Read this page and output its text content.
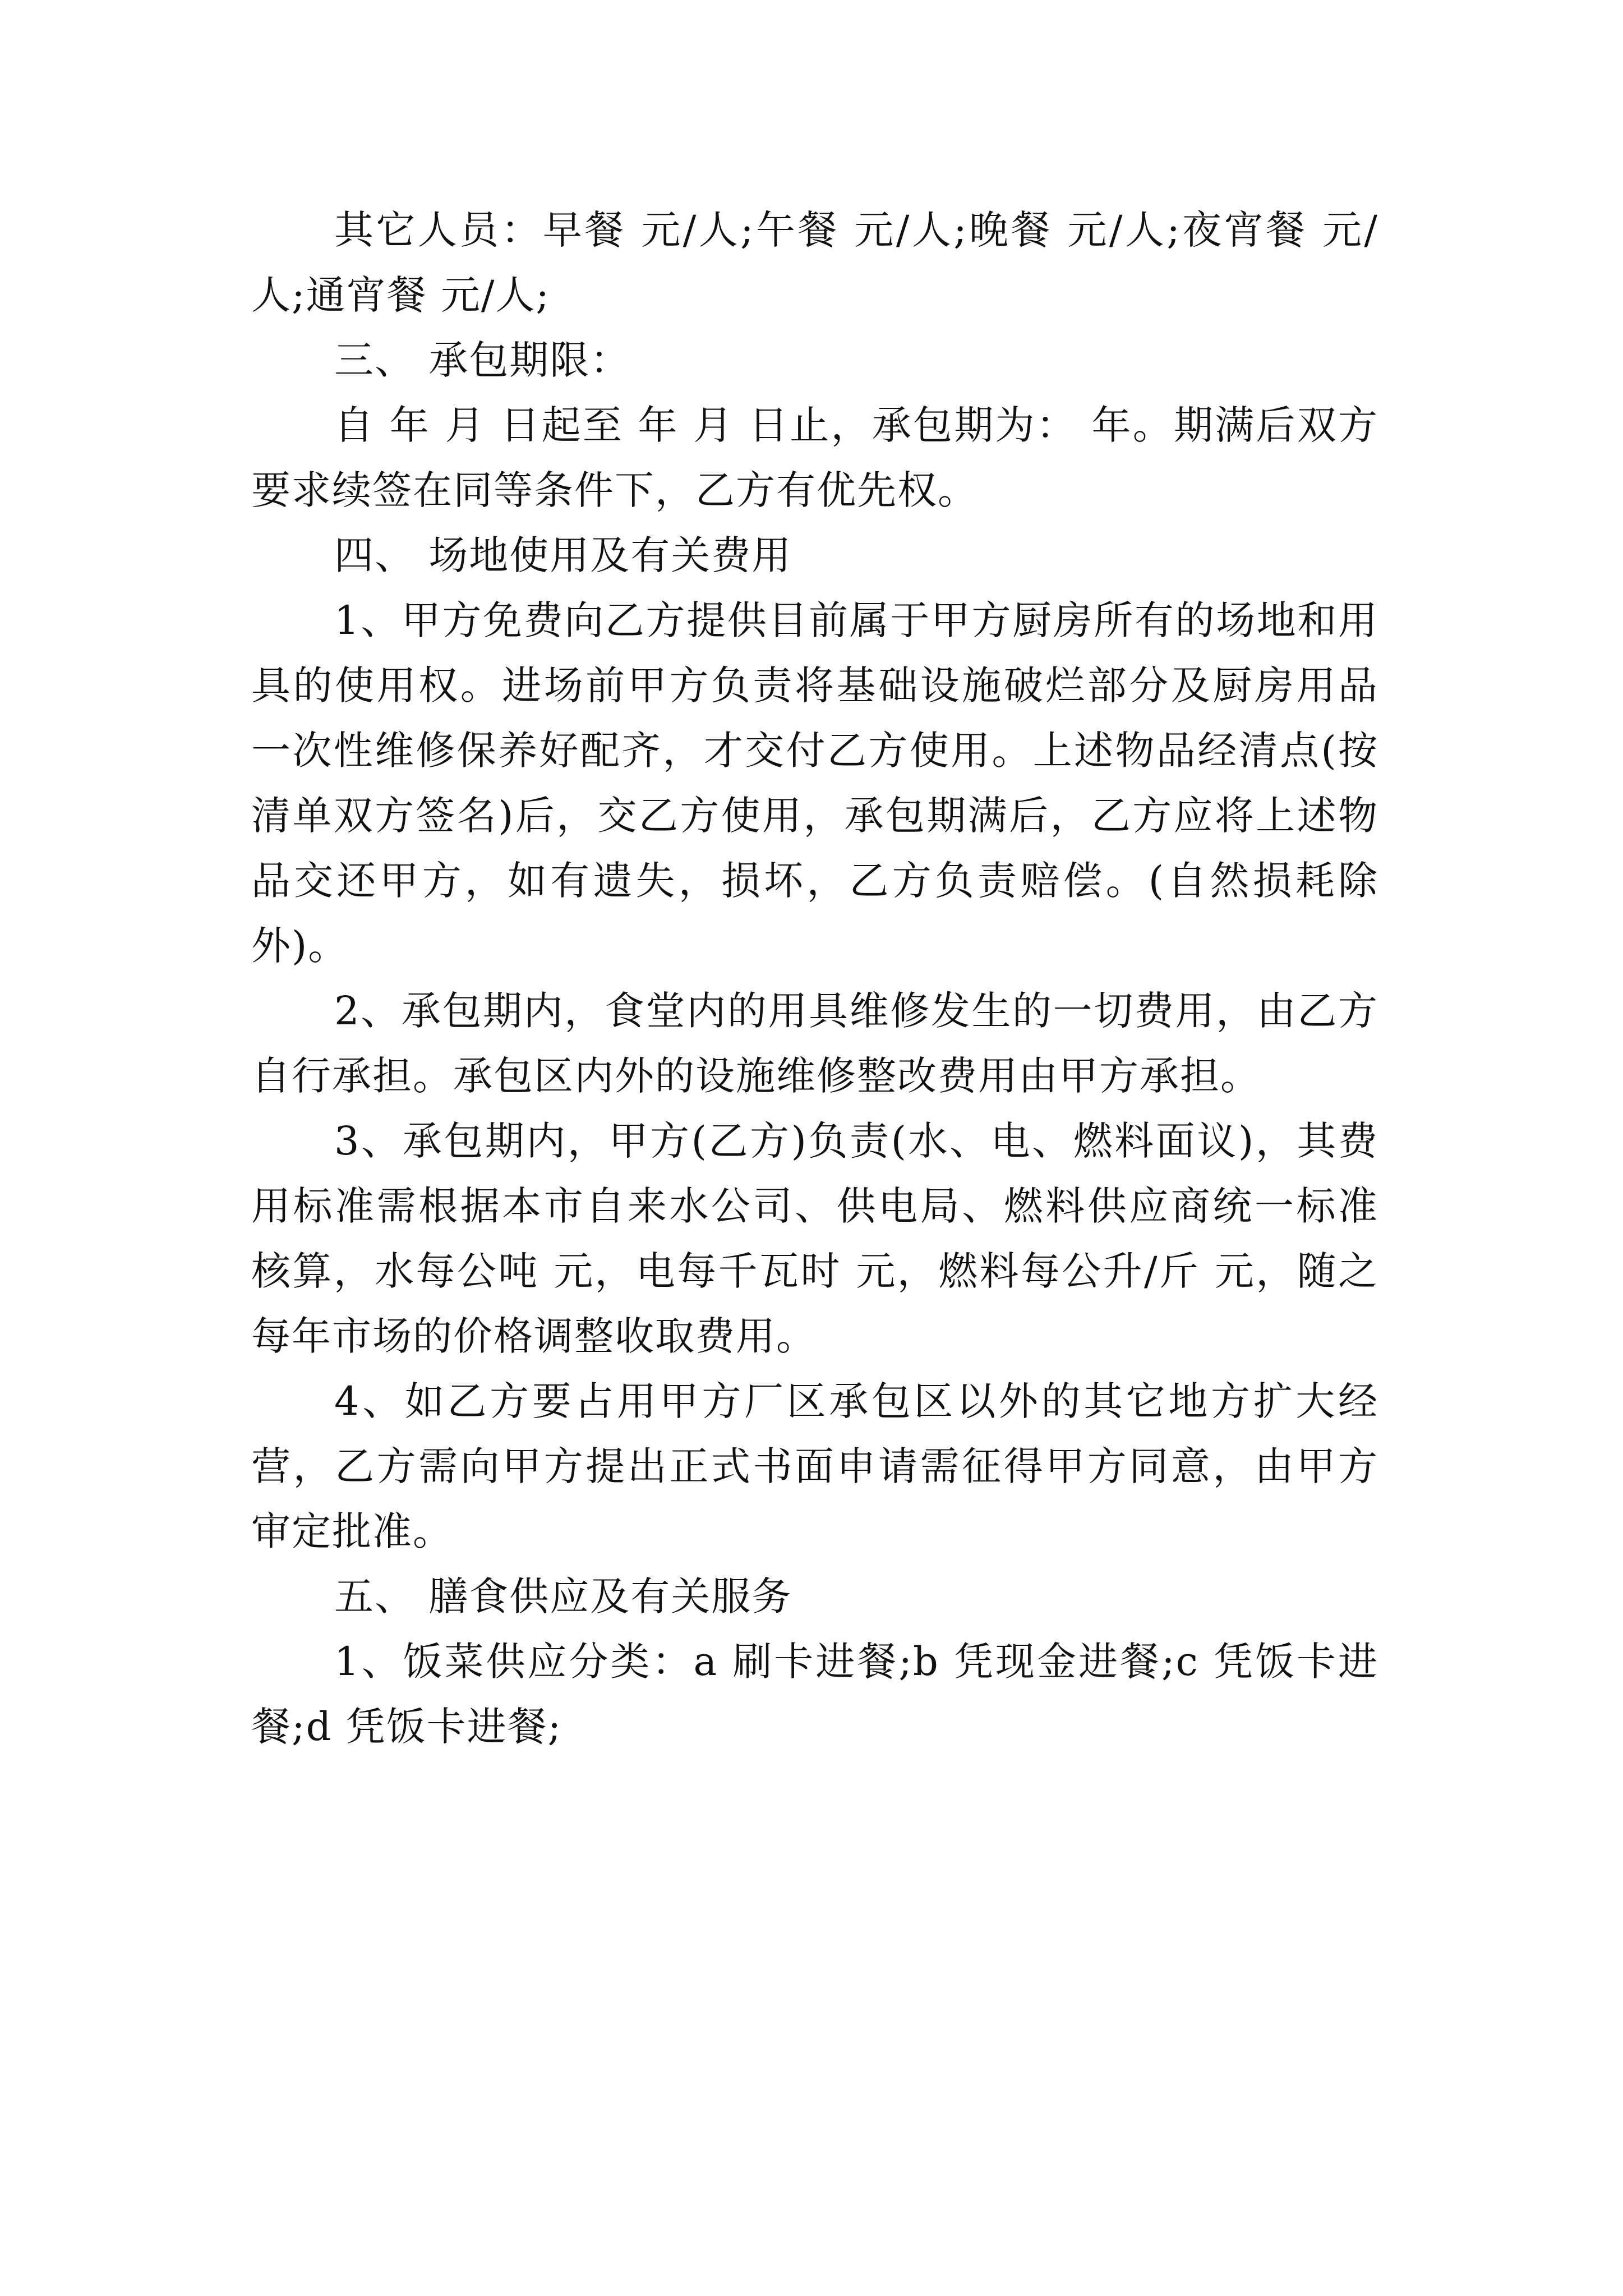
其它人员：早餐 元/人;午餐 元/人;晚餐 元/人;夜宵餐 元/人;通宵餐 元/人;

三、 承包期限：

自 年 月 日起至 年 月 日止，承包期为： 年。期满后双方要求续签在同等条件下，乙方有优先权。

四、 场地使用及有关费用

1、甲方免费向乙方提供目前属于甲方厨房所有的场地和用具的使用权。进场前甲方负责将基础设施破烂部分及厨房用品一次性维修保养好配齐，才交付乙方使用。上述物品经清点(按清单双方签名)后，交乙方使用，承包期满后，乙方应将上述物品交还甲方，如有遗失，损坏，乙方负责赔偿。(自然损耗除外)。

2、承包期内，食堂内的用具维修发生的一切费用，由乙方自行承担。承包区内外的设施维修整改费用由甲方承担。

3、承包期内，甲方(乙方)负责(水、电、燃料面议)，其费用标准需根据本市自来水公司、供电局、燃料供应商统一标准核算，水每公吨 元，电每千瓦时 元，燃料每公升/斤 元，随之每年市场的价格调整收取费用。

4、如乙方要占用甲方厂区承包区以外的其它地方扩大经营，乙方需向甲方提出正式书面申请需征得甲方同意，由甲方审定批准。

五、 膳食供应及有关服务

1、饭菜供应分类：a 刷卡进餐;b 凭现金进餐;c 凭饭卡进餐;d 凭饭卡进餐;
